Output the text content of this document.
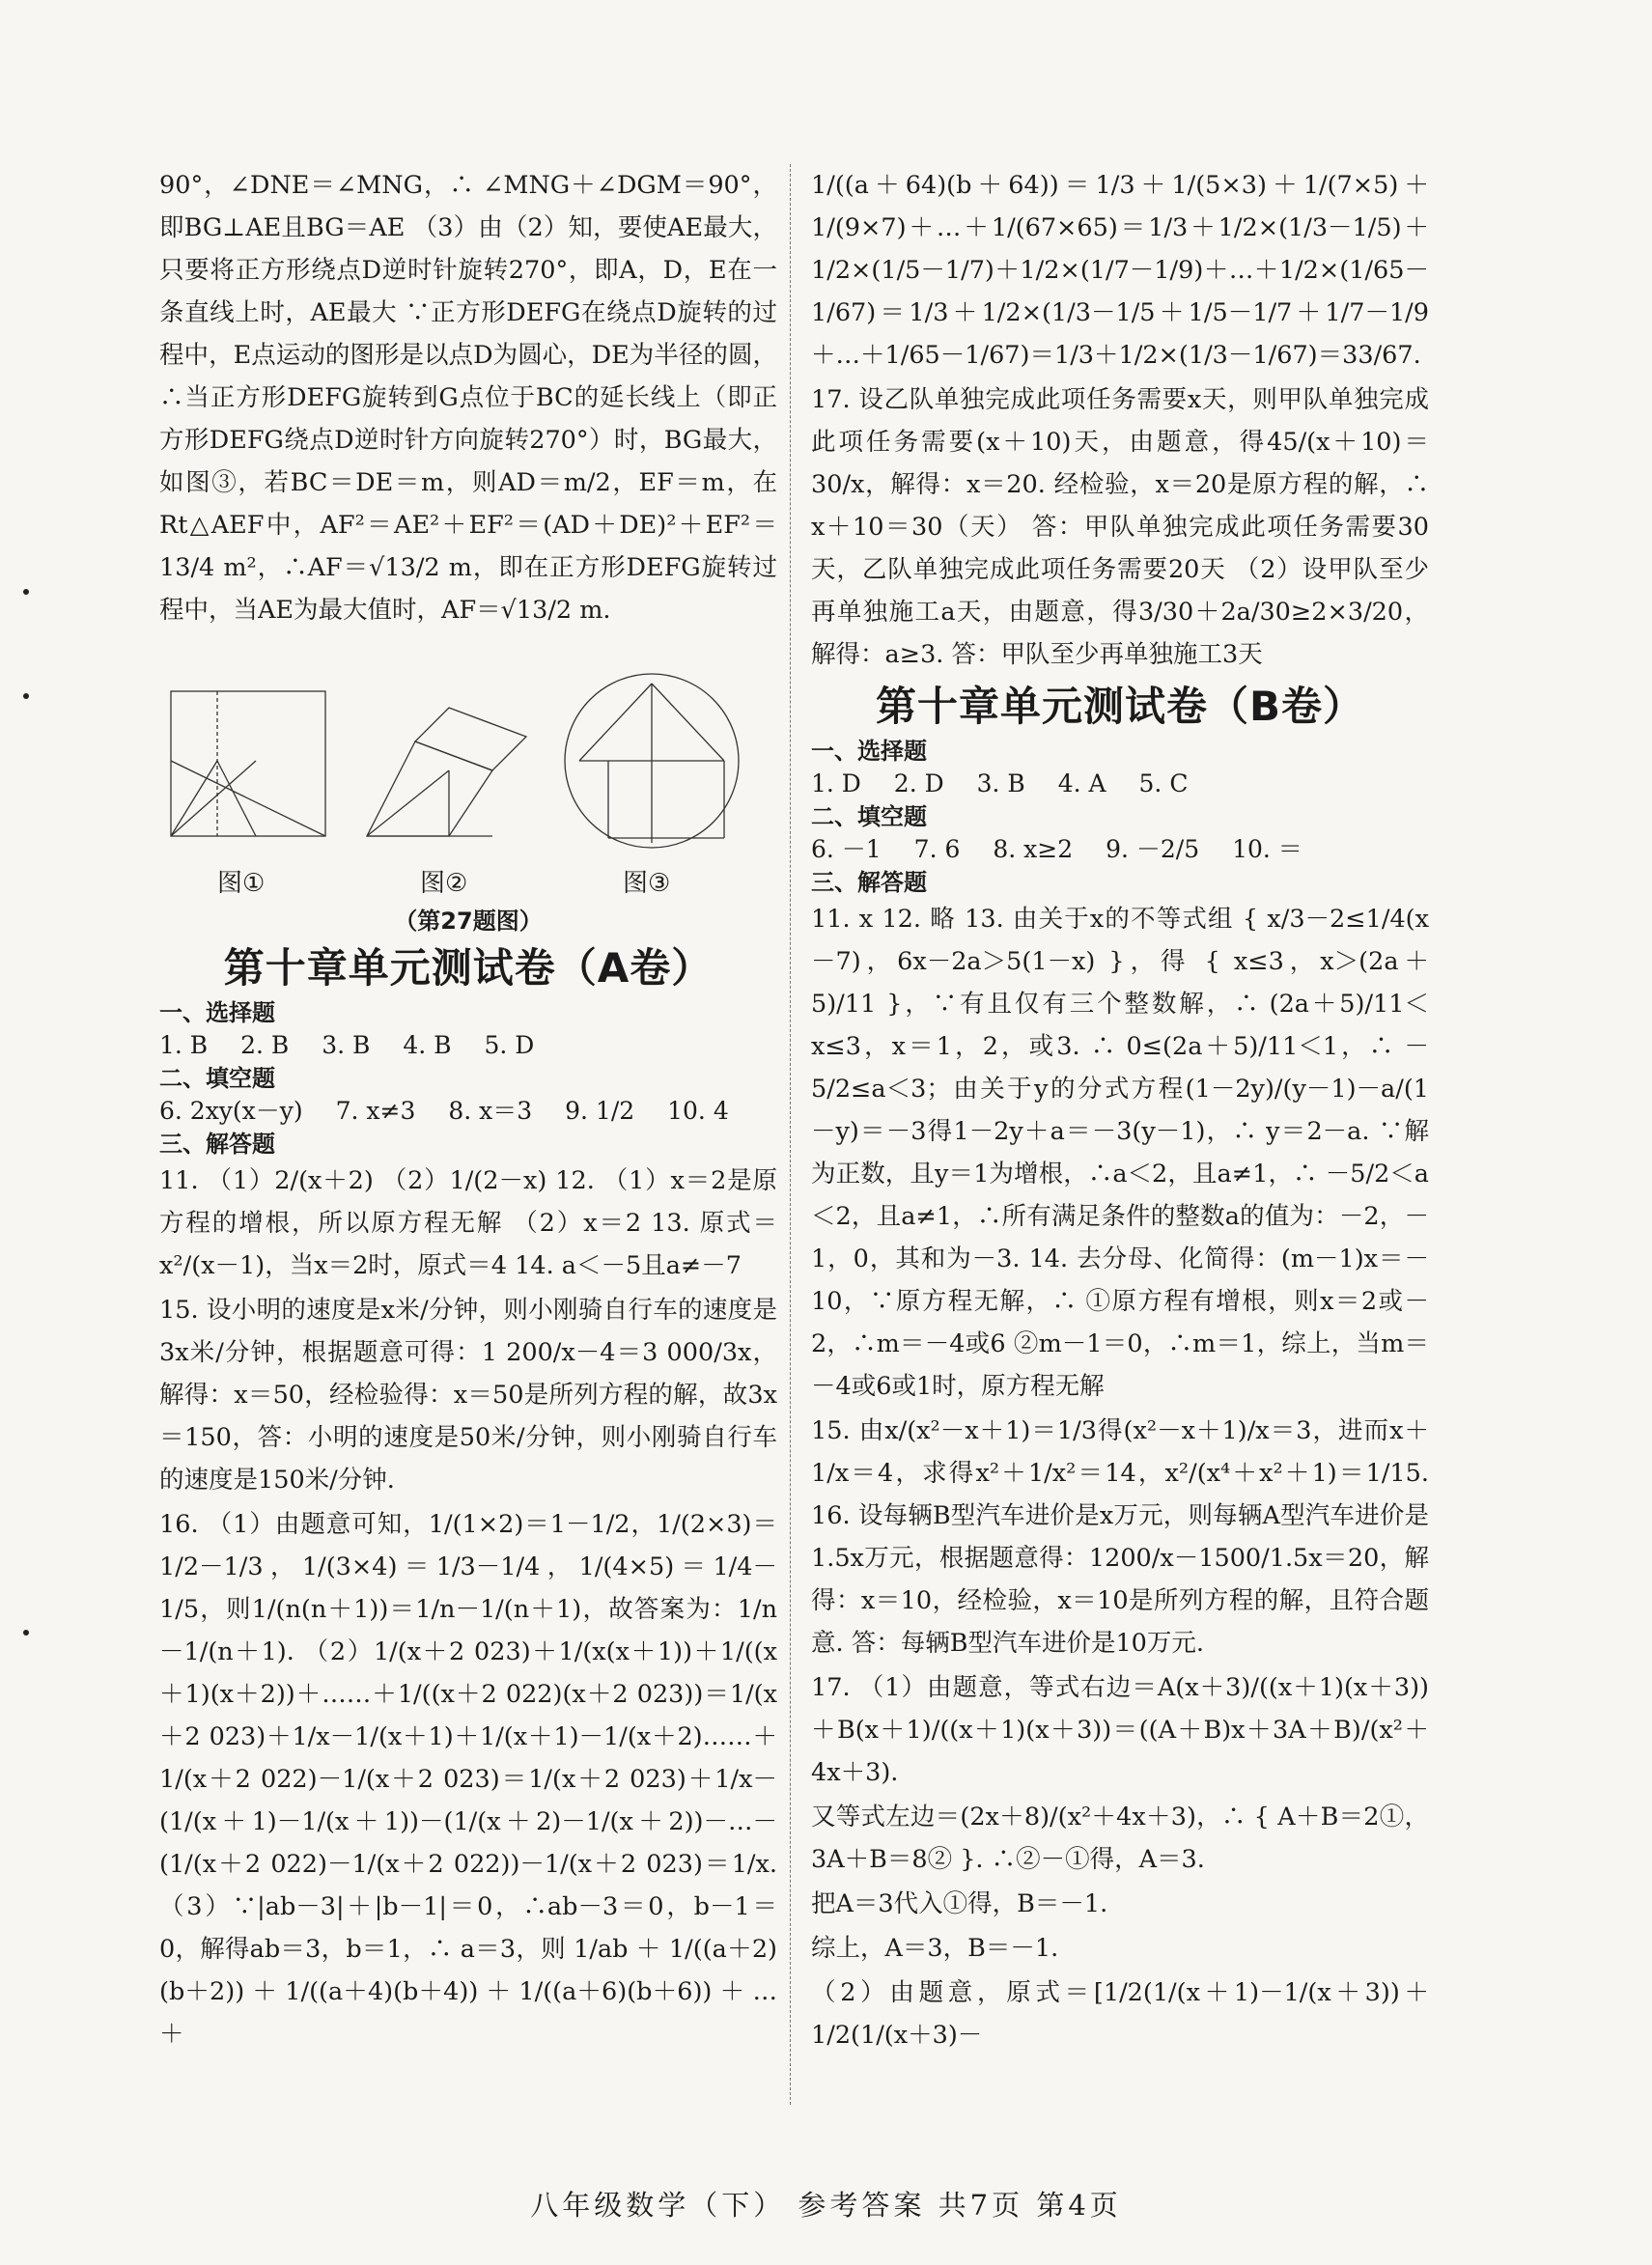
90°，∠DNE＝∠MNG，∴ ∠MNG＋∠DGM＝90°，即BG⊥AE且BG＝AE （3）由（2）知，要使AE最大，只要将正方形绕点D逆时针旋转270°，即A，D，E在一条直线上时，AE最大 ∵正方形DEFG在绕点D旋转的过程中，E点运动的图形是以点D为圆心，DE为半径的圆，∴当正方形DEFG旋转到G点位于BC的延长线上（即正方形DEFG绕点D逆时针方向旋转270°）时，BG最大，如图③，若BC＝DE＝m，则AD＝m/2，EF＝m，在Rt△AEF中，AF²＝AE²＋EF²＝(AD＋DE)²＋EF²＝13/4 m²，∴AF＝√13/2 m，即在正方形DEFG旋转过程中，当AE为最大值时，AF＝√13/2 m.

图①	图②	图③
（第27题图）
第十章单元测试卷（A卷）

一、选择题

1. B 2. B 3. B 4. B 5. D

二、填空题

6. 2xy(x－y) 7. x≠3 8. x＝3 9. 1/2 10. 4

三、解答题

11. （1）2/(x＋2) （2）1/(2－x) 12. （1）x＝2是原方程的增根，所以原方程无解 （2）x＝2 13. 原式＝x²/(x－1)，当x＝2时，原式＝4 14. a＜－5且a≠－7

15. 设小明的速度是x米/分钟，则小刚骑自行车的速度是3x米/分钟，根据题意可得：1 200/x－4＝3 000/3x，解得：x＝50，经检验得：x＝50是所列方程的解，故3x＝150，答：小明的速度是50米/分钟，则小刚骑自行车的速度是150米/分钟.

16. （1）由题意可知，1/(1×2)＝1－1/2，1/(2×3)＝1/2－1/3，1/(3×4)＝1/3－1/4，1/(4×5)＝1/4－1/5，则1/(n(n＋1))＝1/n－1/(n＋1)，故答案为：1/n－1/(n＋1). （2）1/(x＋2 023)＋1/(x(x＋1))＋1/((x＋1)(x＋2))＋……＋1/((x＋2 022)(x＋2 023))＝1/(x＋2 023)＋1/x－1/(x＋1)＋1/(x＋1)－1/(x＋2)……＋1/(x＋2 022)－1/(x＋2 023)＝1/(x＋2 023)＋1/x－(1/(x＋1)－1/(x＋1))－(1/(x＋2)－1/(x＋2))－…－(1/(x＋2 022)－1/(x＋2 022))－1/(x＋2 023)＝1/x. （3）∵|ab－3|＋|b－1|＝0，∴ab－3＝0，b－1＝0，解得ab＝3，b＝1，∴ a＝3，则 1/ab ＋ 1/((a＋2)(b＋2)) ＋ 1/((a＋4)(b＋4)) ＋ 1/((a＋6)(b＋6)) ＋ … ＋

1/((a＋64)(b＋64))＝1/3＋1/(5×3)＋1/(7×5)＋1/(9×7)＋…＋1/(67×65)＝1/3＋1/2×(1/3－1/5)＋1/2×(1/5－1/7)＋1/2×(1/7－1/9)＋…＋1/2×(1/65－1/67)＝1/3＋1/2×(1/3－1/5＋1/5－1/7＋1/7－1/9＋…＋1/65－1/67)＝1/3＋1/2×(1/3－1/67)＝33/67.

17. 设乙队单独完成此项任务需要x天，则甲队单独完成此项任务需要(x＋10)天，由题意，得45/(x＋10)＝30/x，解得：x＝20. 经检验，x＝20是原方程的解，∴ x＋10＝30（天） 答：甲队单独完成此项任务需要30天，乙队单独完成此项任务需要20天 （2）设甲队至少再单独施工a天，由题意，得3/30＋2a/30≥2×3/20，解得：a≥3. 答：甲队至少再单独施工3天

第十章单元测试卷（B卷）

一、选择题

1. D 2. D 3. B 4. A 5. C

二、填空题

6. －1 7. 6 8. x≥2 9. －2/5 10. ＝

三、解答题

11. x 12. 略 13. 由关于x的不等式组 { x/3－2≤1/4(x－7)，6x－2a＞5(1－x) }，得 { x≤3，x＞(2a＋5)/11 }，∵有且仅有三个整数解，∴ (2a＋5)/11＜x≤3，x＝1，2，或3. ∴ 0≤(2a＋5)/11＜1，∴ －5/2≤a＜3；由关于y的分式方程(1－2y)/(y－1)－a/(1－y)＝－3得1－2y＋a＝－3(y－1)，∴ y＝2－a. ∵解为正数，且y＝1为增根，∴a＜2，且a≠1，∴ －5/2＜a＜2，且a≠1，∴所有满足条件的整数a的值为：－2，－1，0，其和为－3. 14. 去分母、化简得：(m－1)x＝－10，∵原方程无解，∴ ①原方程有增根，则x＝2或－2，∴m＝－4或6 ②m－1＝0，∴m＝1，综上，当m＝－4或6或1时，原方程无解

15. 由x/(x²－x＋1)＝1/3得(x²－x＋1)/x＝3，进而x＋1/x＝4，求得x²＋1/x²＝14，x²/(x⁴＋x²＋1)＝1/15. 16. 设每辆B型汽车进价是x万元，则每辆A型汽车进价是1.5x万元，根据题意得：1200/x－1500/1.5x＝20，解得：x＝10，经检验，x＝10是所列方程的解，且符合题意. 答：每辆B型汽车进价是10万元.

17. （1）由题意，等式右边＝A(x＋3)/((x＋1)(x＋3))＋B(x＋1)/((x＋1)(x＋3))＝((A＋B)x＋3A＋B)/(x²＋4x＋3).

又等式左边＝(2x＋8)/(x²＋4x＋3)，∴ { A＋B＝2①，3A＋B＝8② }. ∴②－①得，A＝3.

把A＝3代入①得，B＝－1.

综上，A＝3，B＝－1.

（2）由题意，原式＝[1/2(1/(x＋1)－1/(x＋3))＋1/2(1/(x＋3)－

八年级数学（下） 参考答案 共7页 第4页
